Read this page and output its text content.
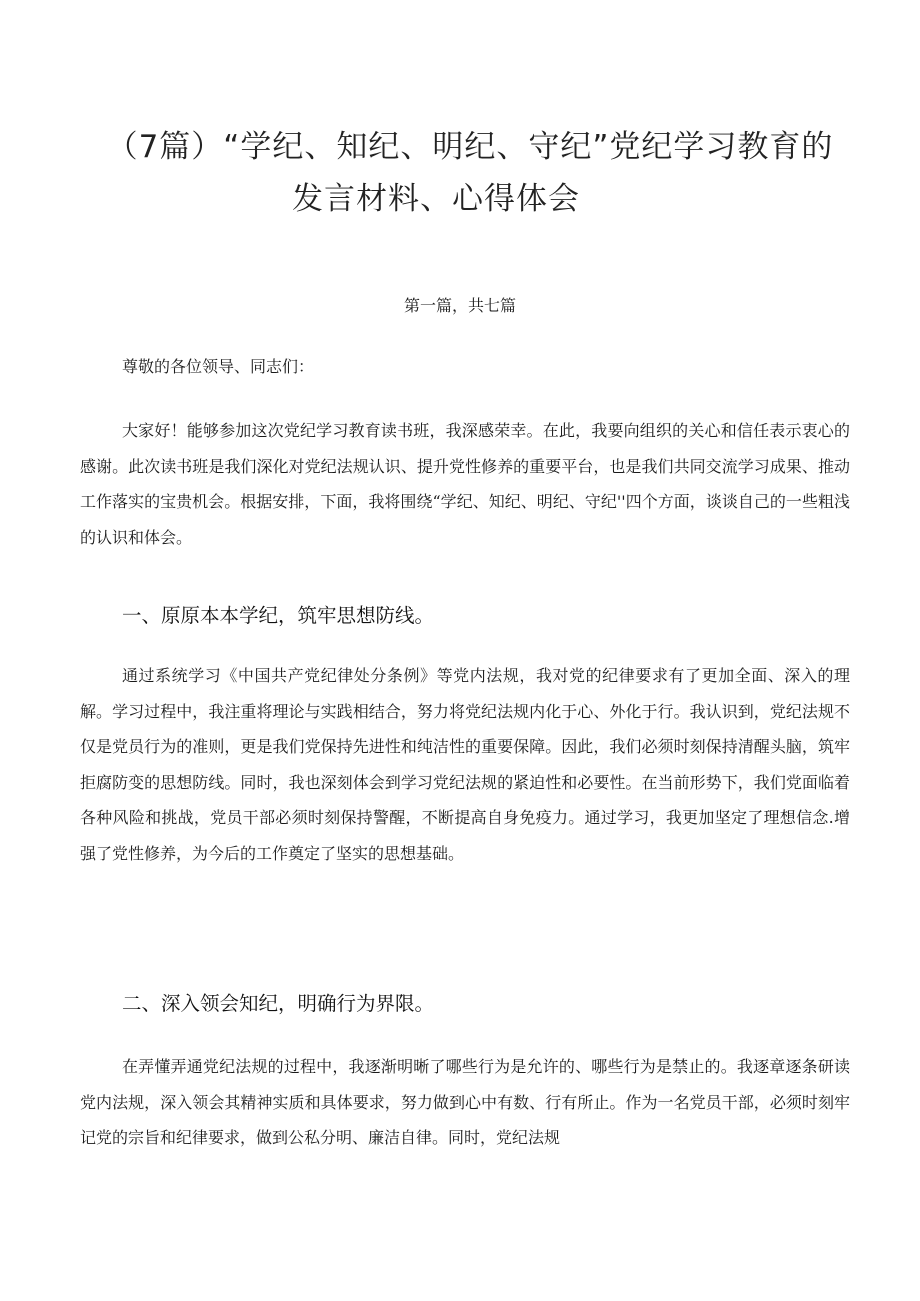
（7篇）“学纪、知纪、明纪、守纪”党纪学习教育的
发言材料、心得体会
第一篇，共七篇
尊敬的各位领导、同志们：

大家好！能够参加这次党纪学习教育读书班，我深感荣幸。在此，我要向组织的关心和信任表示衷心的感谢。此次读书班是我们深化对党纪法规认识、提升党性修养的重要平台，也是我们共同交流学习成果、推动工作落实的宝贵机会。根据安排，下面，我将围绕“学纪、知纪、明纪、守纪''四个方面，谈谈自己的一些粗浅的认识和体会。

一、原原本本学纪，筑牢思想防线。

通过系统学习《中国共产党纪律处分条例》等党内法规，我对党的纪律要求有了更加全面、深入的理解。学习过程中，我注重将理论与实践相结合，努力将党纪法规内化于心、外化于行。我认识到，党纪法规不仅是党员行为的准则，更是我们党保持先进性和纯洁性的重要保障。因此，我们必须时刻保持清醒头脑，筑牢拒腐防变的思想防线。同时，我也深刻体会到学习党纪法规的紧迫性和必要性。在当前形势下，我们党面临着各种风险和挑战，党员干部必须时刻保持警醒，不断提高自身免疫力。通过学习，我更加坚定了理想信念.增强了党性修养，为今后的工作奠定了坚实的思想基础。

二、深入领会知纪，明确行为界限。

在弄懂弄通党纪法规的过程中，我逐渐明晰了哪些行为是允许的、哪些行为是禁止的。我逐章逐条研读党内法规，深入领会其精神实质和具体要求，努力做到心中有数、行有所止。作为一名党员干部，必须时刻牢记党的宗旨和纪律要求，做到公私分明、廉洁自律。同时，党纪法规
